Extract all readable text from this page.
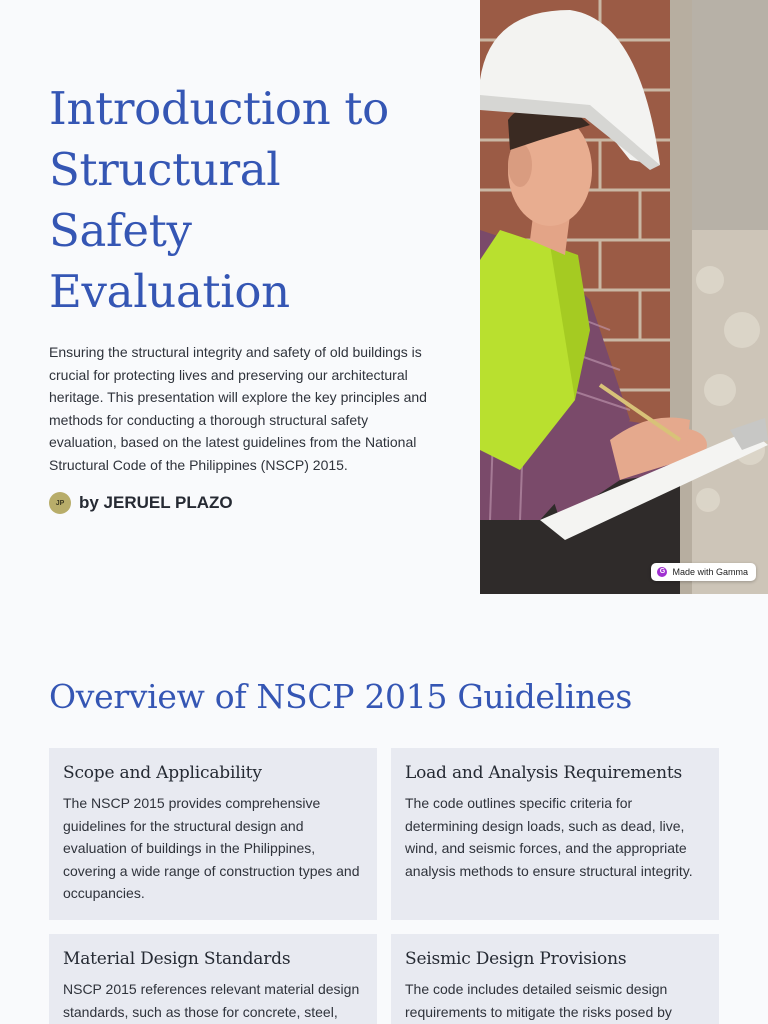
Introduction to
Structural
Safety
Evaluation

Ensuring the structural integrity and safety of old buildings is crucial for protecting lives and preserving our architectural heritage. This presentation will explore the key principles and methods for conducting a thorough structural safety evaluation, based on the latest guidelines from the National Structural Code of the Philippines (NSCP) 2015.

JP by JERUEL PLAZO
G Made with Gamma
Overview of NSCP 2015 Guidelines
Scope and Applicability

The NSCP 2015 provides comprehensive guidelines for the structural design and evaluation of buildings in the Philippines, covering a wide range of construction types and occupancies.

Load and Analysis Requirements

The code outlines specific criteria for determining design loads, such as dead, live, wind, and seismic forces, and the appropriate analysis methods to ensure structural integrity.

Material Design Standards

NSCP 2015 references relevant material design standards, such as those for concrete, steel,

Seismic Design Provisions

The code includes detailed seismic design requirements to mitigate the risks posed by
